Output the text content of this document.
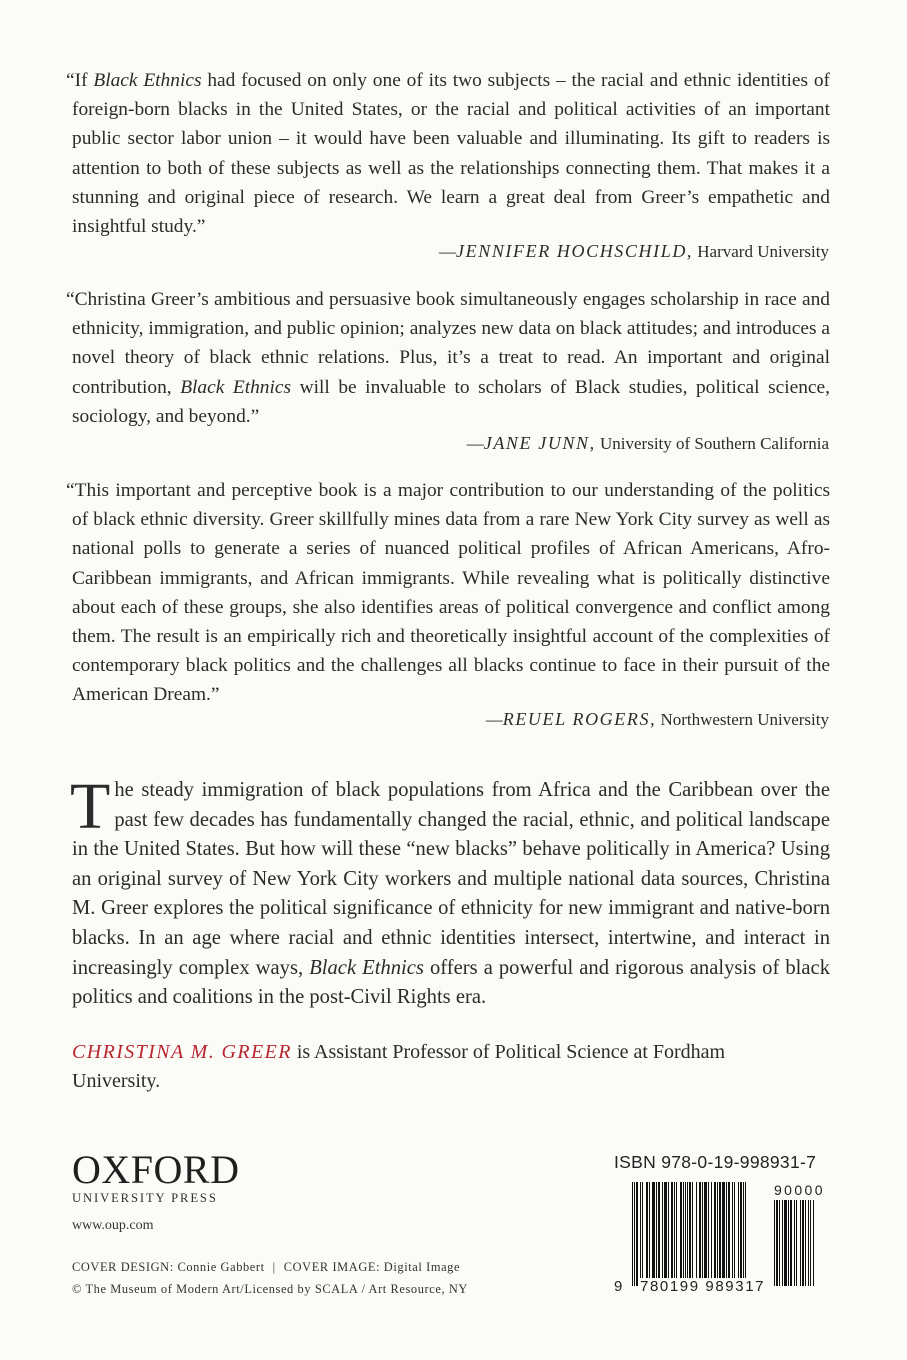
“If Black Ethnics had focused on only one of its two subjects – the racial and ethnic identities of foreign-born blacks in the United States, or the racial and political activities of an important public sector labor union – it would have been valuable and illuminating. Its gift to readers is attention to both of these subjects as well as the relationships connecting them. That makes it a stunning and original piece of research. We learn a great deal from Greer’s empathetic and insightful study.”
—JENNIFER HOCHSCHILD, Harvard University
“Christina Greer’s ambitious and persuasive book simultaneously engages scholarship in race and ethnicity, immigration, and public opinion; analyzes new data on black attitudes; and introduces a novel theory of black ethnic relations. Plus, it’s a treat to read. An important and original contribution, Black Ethnics will be invaluable to scholars of Black studies, political science, sociology, and beyond.”
—JANE JUNN, University of Southern California
“This important and perceptive book is a major contribution to our understanding of the politics of black ethnic diversity. Greer skillfully mines data from a rare New York City survey as well as national polls to generate a series of nuanced political profiles of African Americans, Afro-Caribbean immigrants, and African immigrants. While revealing what is politically distinctive about each of these groups, she also identifies areas of political convergence and conflict among them. The result is an empirically rich and theoretically insightful account of the complexities of contemporary black politics and the challenges all blacks continue to face in their pursuit of the American Dream.”
—REUEL ROGERS, Northwestern University
The steady immigration of black populations from Africa and the Caribbean over the past few decades has fundamentally changed the racial, ethnic, and political landscape in the United States. But how will these “new blacks” behave politically in America? Using an original survey of New York City workers and multiple national data sources, Christina M. Greer explores the political significance of ethnicity for new immigrant and native-born blacks. In an age where racial and ethnic identities intersect, intertwine, and interact in increasingly complex ways, Black Ethnics offers a powerful and rigorous analysis of black politics and coalitions in the post-Civil Rights era.
CHRISTINA M. GREER is Assistant Professor of Political Science at Fordham University.
OXFORD
UNIVERSITY PRESS
www.oup.com
COVER DESIGN: Connie Gabbert | COVER IMAGE: Digital Image
© The Museum of Modern Art/Licensed by SCALA / Art Resource, NY
ISBN 978-0-19-998931-7
90000
9 780199 989317
